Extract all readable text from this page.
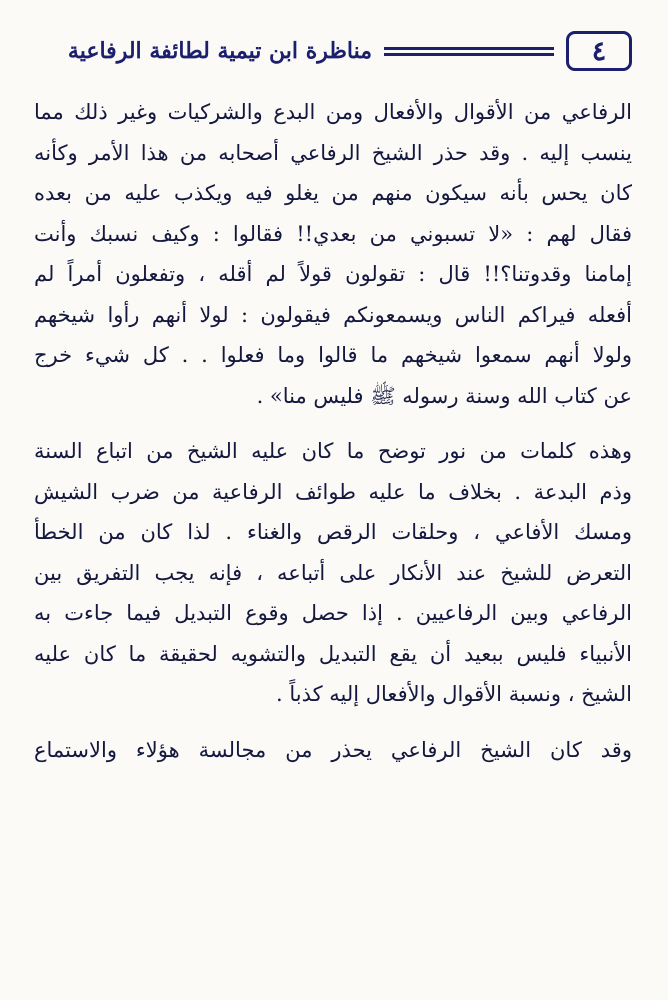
٤
مناظرة ابن تيمية لطائفة الرفاعية
الرفاعي من الأقوال والأفعال ومن البدع والشركيات وغير ذلك مما
ينسب إليه . وقد حذر الشيخ الرفاعي أصحابه من هذا الأمر وكأنه
كان يحس بأنه سيكون منهم من يغلو فيه ويكذب عليه من بعده
فقال لهم : «لا تسبوني من بعدي!! فقالوا : وكيف نسبك وأنت
إمامنا وقدوتنا؟!! قال : تقولون قولاً لم أقله ، وتفعلون أمراً لم
أفعله فيراكم الناس ويسمعونكم فيقولون : لولا أنهم رأوا شيخهم
ولولا أنهم سمعوا شيخهم ما قالوا وما فعلوا . . كل شيء خرج
عن كتاب الله وسنة رسوله ﷺ فليس منا» .
وهذه كلمات من نور توضح ما كان عليه الشيخ من اتباع السنة
وذم البدعة . بخلاف ما عليه طوائف الرفاعية من ضرب الشيش
ومسك الأفاعي ، وحلقات الرقص والغناء . لذا كان من الخطأ
التعرض للشيخ عند الأنكار على أتباعه ، فإنه يجب التفريق بين
الرفاعي وبين الرفاعيين . إذا حصل وقوع التبديل فيما جاءت به
الأنبياء فليس ببعيد أن يقع التبديل والتشويه لحقيقة ما كان عليه
الشيخ ، ونسبة الأقوال والأفعال إليه كذباً .
وقد كان الشيخ الرفاعي يحذر من مجالسة هؤلاء والاستماع
